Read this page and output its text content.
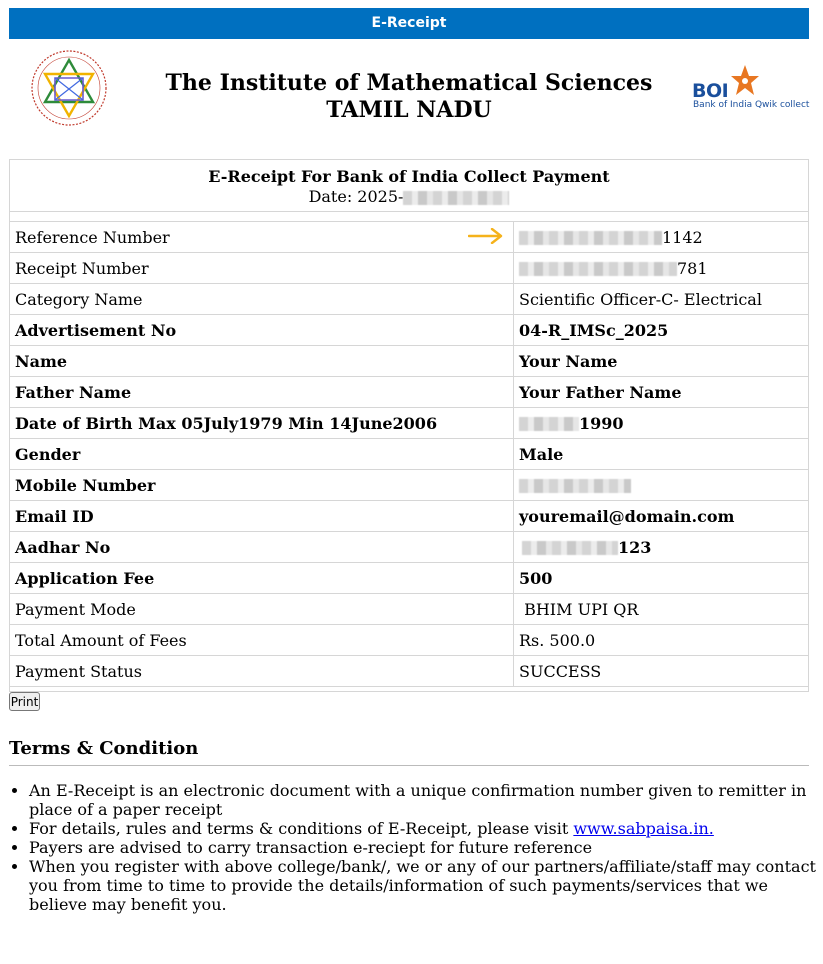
E-Receipt
The Institute of Mathematical Sciences
TAMIL NADU
BOI
Bank of India Qwik collect
E-Receipt For Bank of India Collect Payment
Date: 2025-
Reference Number	1142
Receipt Number	781
Category Name	Scientific Officer-C- Electrical
Advertisement No	04-R_IMSc_2025
Name	Your Name
Father Name	Your Father Name
Date of Birth Max 05July1979 Min 14June2006	1990
Gender	Male
Mobile Number	
Email ID	youremail@domain.com
Aadhar No	123
Application Fee	500
Payment Mode	BHIM UPI QR
Total Amount of Fees	Rs. 500.0
Payment Status	SUCCESS
Print
Terms & Condition
• An E-Receipt is an electronic document with a unique confirmation number given to remitter in place of a paper receipt
• For details, rules and terms & conditions of E-Receipt, please visit www.sabpaisa.in.
• Payers are advised to carry transaction e-reciept for future reference
• When you register with above college/bank/, we or any of our partners/affiliate/staff may contact you from time to time to provide the details/information of such payments/services that we believe may benefit you.
